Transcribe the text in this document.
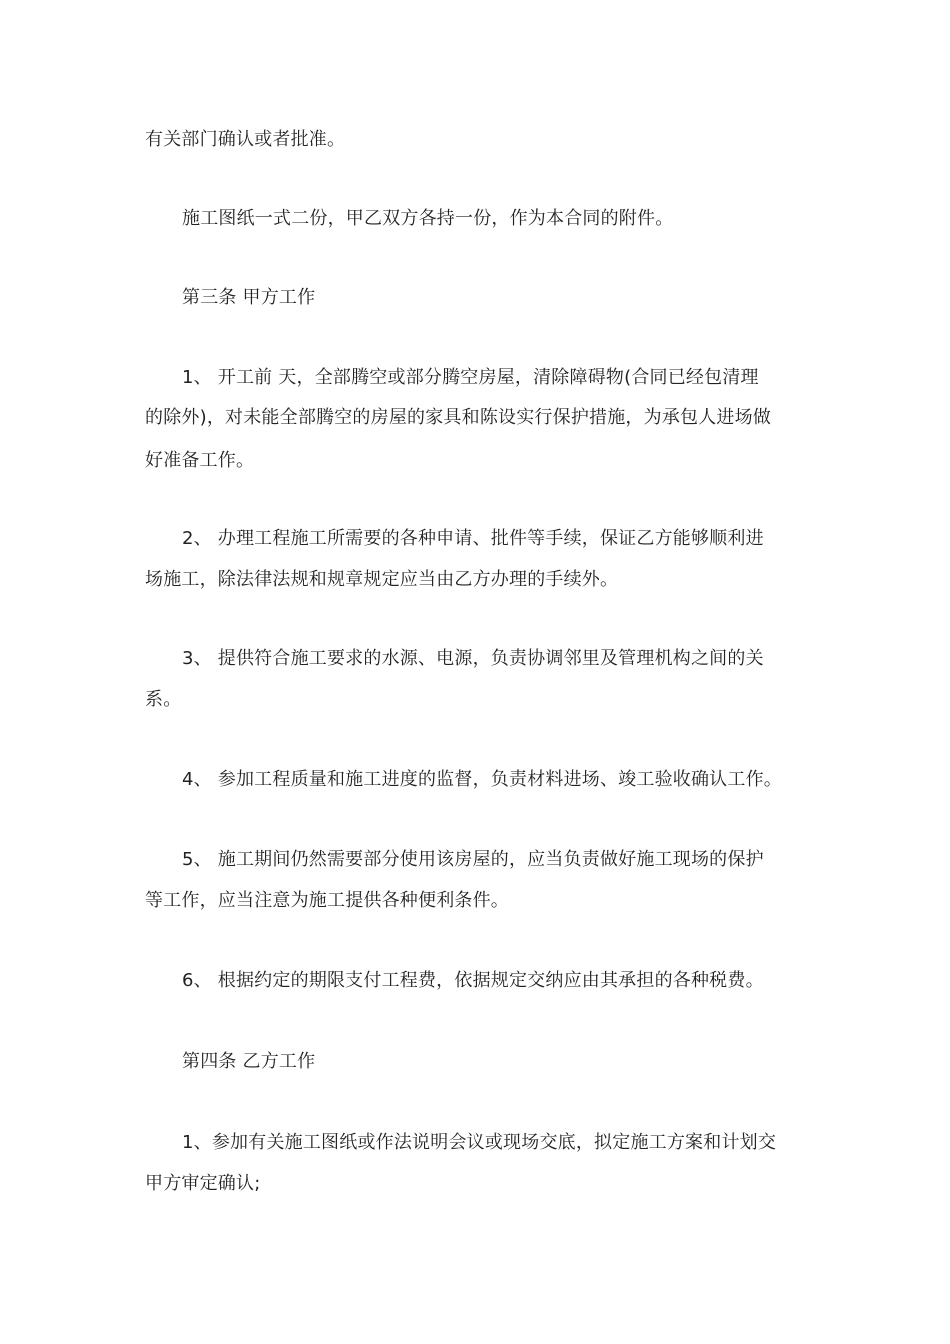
有关部门确认或者批准。
施工图纸一式二份，甲乙双方各持一份，作为本合同的附件。
第三条 甲方工作
1、 开工前 天，全部腾空或部分腾空房屋，清除障碍物(合同已经包清理
的除外)，对未能全部腾空的房屋的家具和陈设实行保护措施，为承包人进场做
好准备工作。
2、 办理工程施工所需要的各种申请、批件等手续，保证乙方能够顺利进
场施工，除法律法规和规章规定应当由乙方办理的手续外。
3、 提供符合施工要求的水源、电源，负责协调邻里及管理机构之间的关
系。
4、 参加工程质量和施工进度的监督，负责材料进场、竣工验收确认工作。
5、 施工期间仍然需要部分使用该房屋的，应当负责做好施工现场的保护
等工作，应当注意为施工提供各种便利条件。
6、 根据约定的期限支付工程费，依据规定交纳应由其承担的各种税费。
第四条 乙方工作
1、参加有关施工图纸或作法说明会议或现场交底，拟定施工方案和计划交
甲方审定确认;
